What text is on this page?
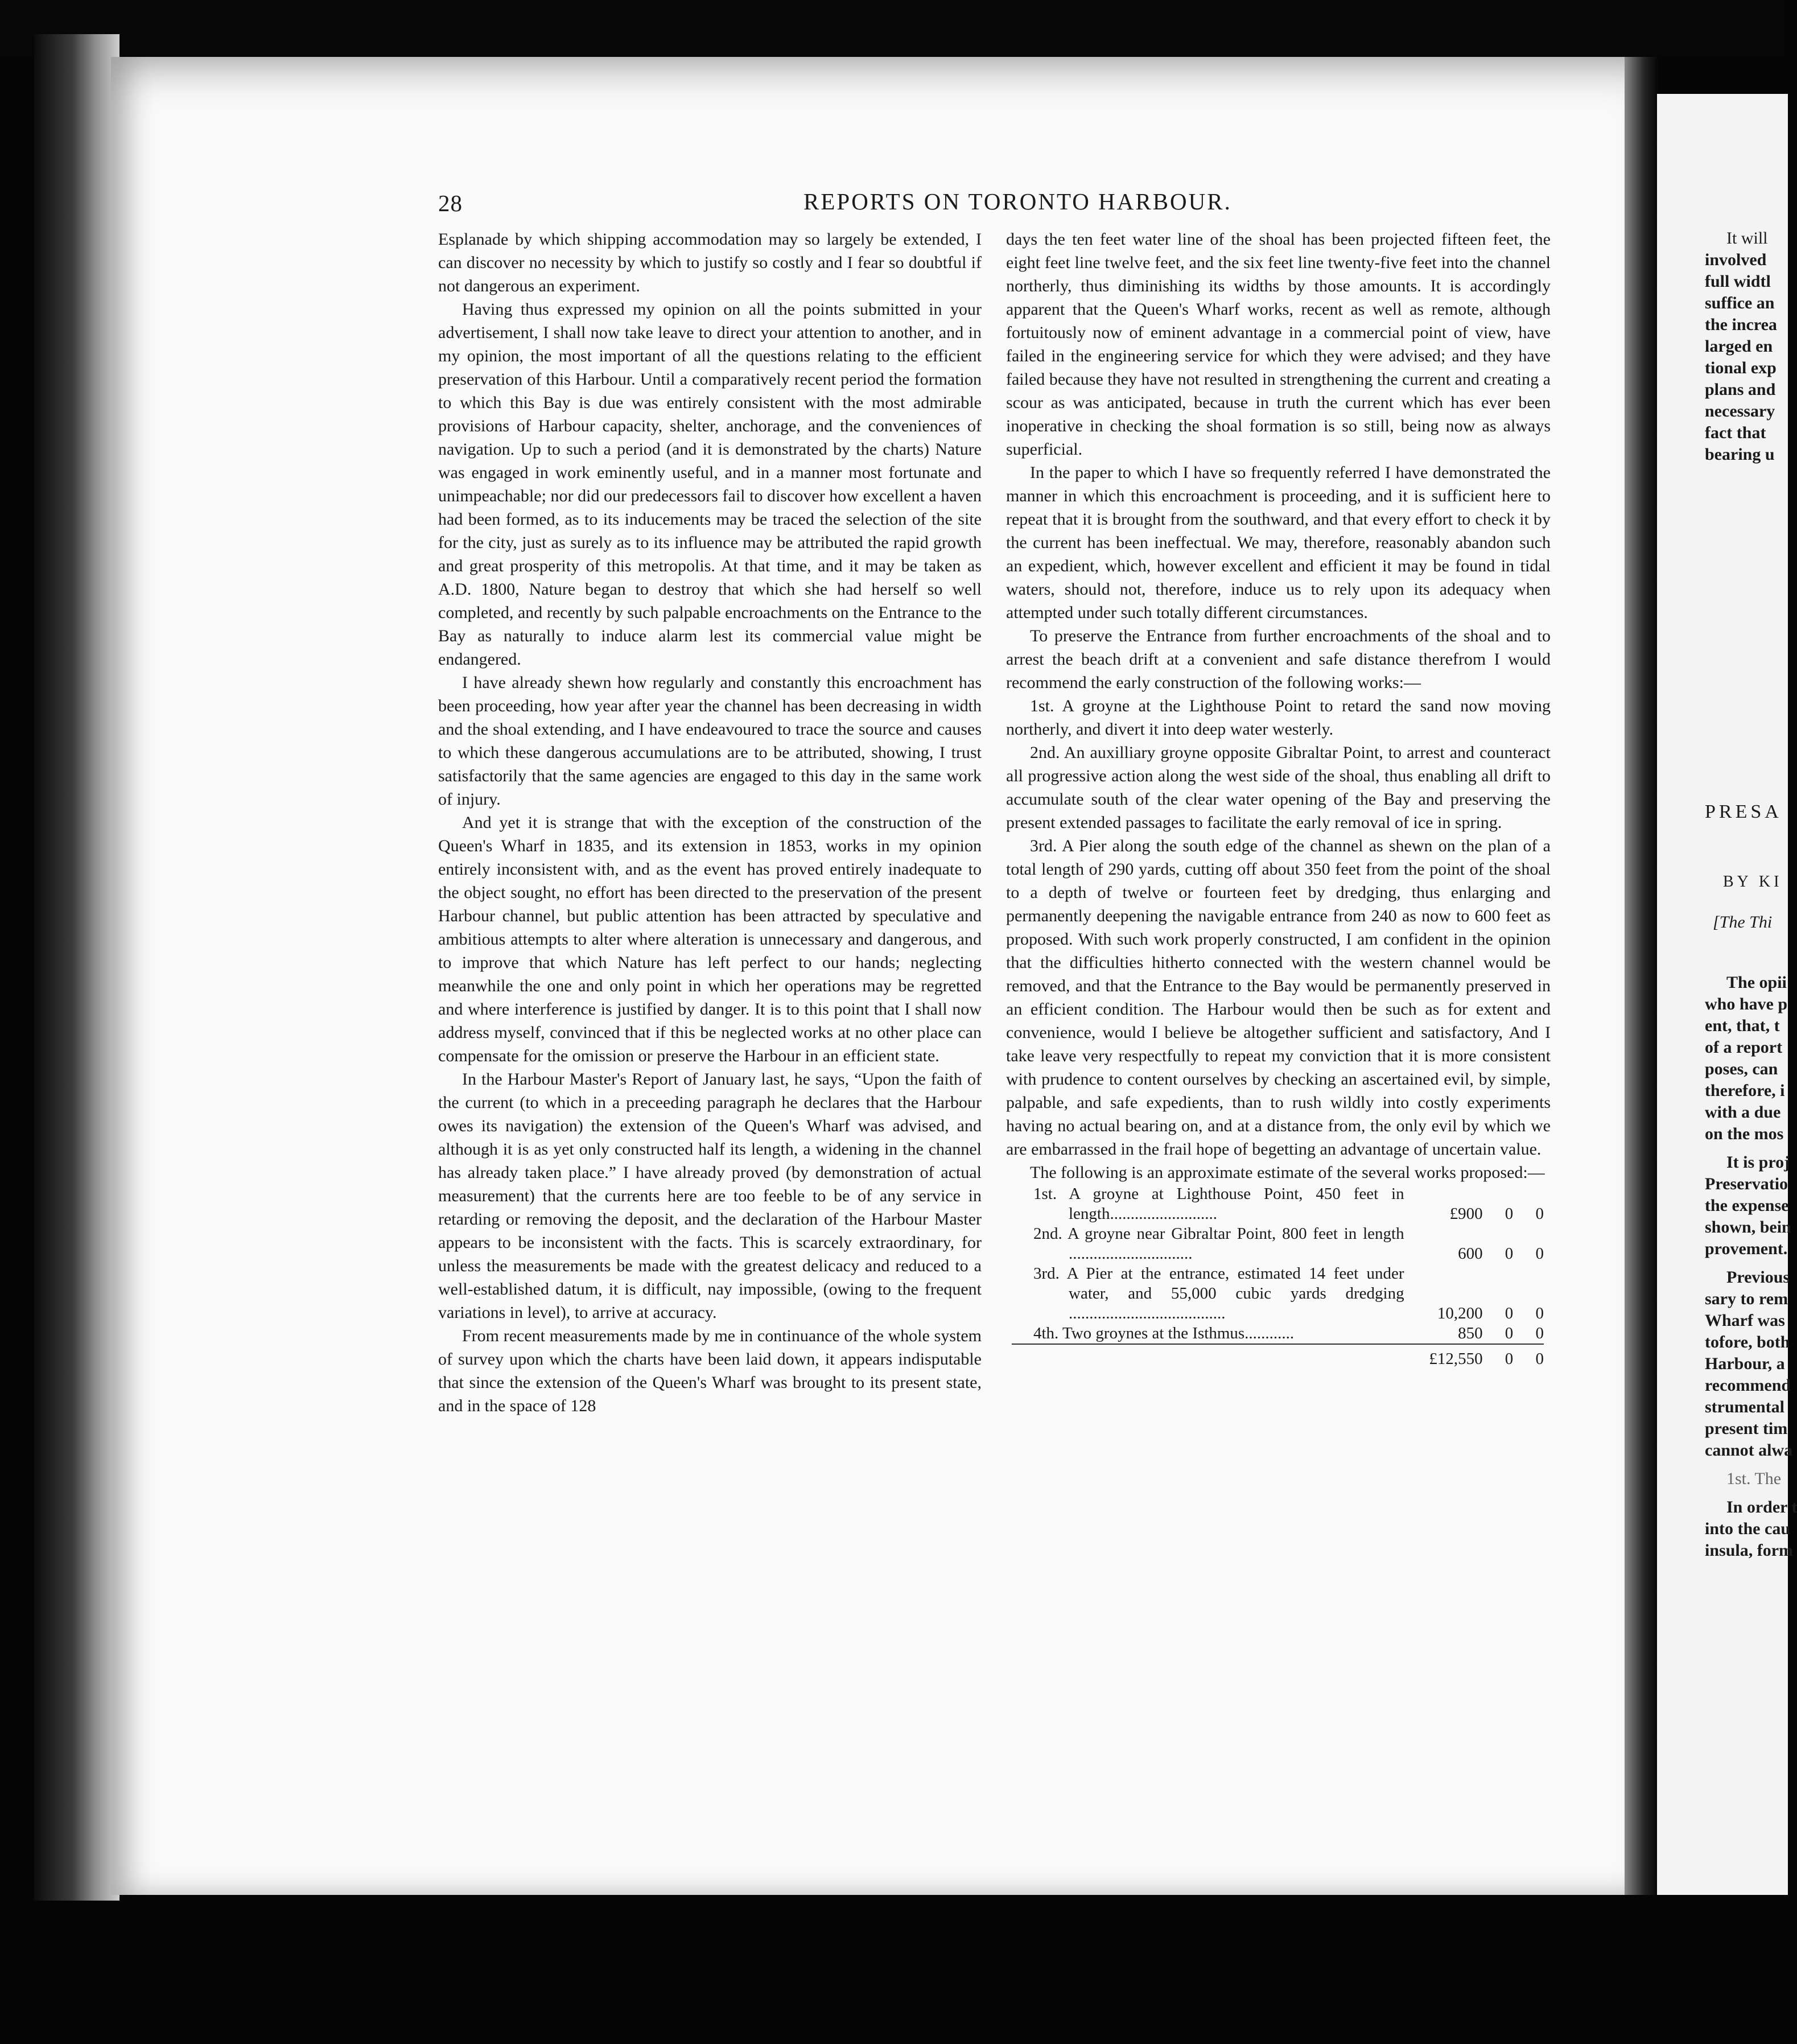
28	REPORTS ON TORONTO HARBOUR.

Esplanade by which shipping accommodation may so largely be extended, I can discover no necessity by which to justify so costly and I fear so doubtful if not dangerous an experiment.

Having thus expressed my opinion on all the points submitted in your advertisement, I shall now take leave to direct your attention to another, and in my opinion, the most important of all the questions relating to the efficient preservation of this Harbour. Until a comparatively recent period the formation to which this Bay is due was entirely consistent with the most admirable provisions of Harbour capacity, shelter, anchorage, and the conveniences of navigation. Up to such a period (and it is demonstrated by the charts) Nature was engaged in work eminently useful, and in a manner most fortunate and unimpeachable; nor did our predecessors fail to discover how excellent a haven had been formed, as to its inducements may be traced the selection of the site for the city, just as surely as to its influence may be attributed the rapid growth and great prosperity of this metropolis. At that time, and it may be taken as A.D. 1800, Nature began to destroy that which she had herself so well completed, and recently by such palpable encroachments on the Entrance to the Bay as naturally to induce alarm lest its commercial value might be endangered.

I have already shewn how regularly and constantly this encroachment has been proceeding, how year after year the channel has been decreasing in width and the shoal extending, and I have endeavoured to trace the source and causes to which these dangerous accumulations are to be attributed, showing, I trust satisfactorily that the same agencies are engaged to this day in the same work of injury.

And yet it is strange that with the exception of the construction of the Queen's Wharf in 1835, and its extension in 1853, works in my opinion entirely inconsistent with, and as the event has proved entirely inadequate to the object sought, no effort has been directed to the preservation of the present Harbour channel, but public attention has been attracted by speculative and ambitious attempts to alter where alteration is unnecessary and dangerous, and to improve that which Nature has left perfect to our hands; neglecting meanwhile the one and only point in which her operations may be regretted and where interference is justified by danger. It is to this point that I shall now address myself, convinced that if this be neglected works at no other place can compensate for the omission or preserve the Harbour in an efficient state.

In the Harbour Master's Report of January last, he says, “Upon the faith of the current (to which in a preceeding paragraph he declares that the Harbour owes its navigation) the extension of the Queen's Wharf was advised, and although it is as yet only constructed half its length, a widening in the channel has already taken place.” I have already proved (by demonstration of actual measurement) that the currents here are too feeble to be of any service in retarding or removing the deposit, and the declaration of the Harbour Master appears to be inconsistent with the facts. This is scarcely extraordinary, for unless the measurements be made with the greatest delicacy and reduced to a well-established datum, it is difficult, nay impossible, (owing to the frequent variations in level), to arrive at accuracy.

From recent measurements made by me in continuance of the whole system of survey upon which the charts have been laid down, it appears indisputable that since the extension of the Queen's Wharf was brought to its present state, and in the space of 128

days the ten feet water line of the shoal has been projected fifteen feet, the eight feet line twelve feet, and the six feet line twenty-five feet into the channel northerly, thus diminishing its widths by those amounts. It is accordingly apparent that the Queen's Wharf works, recent as well as remote, although fortuitously now of eminent advantage in a commercial point of view, have failed in the engineering service for which they were advised; and they have failed because they have not resulted in strengthening the current and creating a scour as was anticipated, because in truth the current which has ever been inoperative in checking the shoal formation is so still, being now as always superficial.

In the paper to which I have so frequently referred I have demonstrated the manner in which this encroachment is proceeding, and it is sufficient here to repeat that it is brought from the southward, and that every effort to check it by the current has been ineffectual. We may, therefore, reasonably abandon such an expedient, which, however excellent and efficient it may be found in tidal waters, should not, therefore, induce us to rely upon its adequacy when attempted under such totally different circumstances.

To preserve the Entrance from further encroachments of the shoal and to arrest the beach drift at a convenient and safe distance therefrom I would recommend the early construction of the following works:—

1st. A groyne at the Lighthouse Point to retard the sand now moving northerly, and divert it into deep water westerly.

2nd. An auxilliary groyne opposite Gibraltar Point, to arrest and counteract all progressive action along the west side of the shoal, thus enabling all drift to accumulate south of the clear water opening of the Bay and preserving the present extended passages to facilitate the early removal of ice in spring.

3rd. A Pier along the south edge of the channel as shewn on the plan of a total length of 290 yards, cutting off about 350 feet from the point of the shoal to a depth of twelve or fourteen feet by dredging, thus enlarging and permanently deepening the navigable entrance from 240 as now to 600 feet as proposed. With such work properly constructed, I am confident in the opinion that the difficulties hitherto connected with the western channel would be removed, and that the Entrance to the Bay would be permanently preserved in an efficient condition. The Harbour would then be such as for extent and convenience, would I believe be altogether sufficient and satisfactory, And I take leave very respectfully to repeat my conviction that it is more consistent with prudence to content ourselves by checking an ascertained evil, by simple, palpable, and safe expedients, than to rush wildly into costly experiments having no actual bearing on, and at a distance from, the only evil by which we are embarrassed in the frail hope of begetting an advantage of uncertain value.

The following is an approximate estimate of the several works proposed:—

1st. A groyne at Lighthouse Point, 450 feet in length..........................	£900	0	0
2nd. A groyne near Gibraltar Point, 800 feet in length ..............................	600	0	0
3rd. A Pier at the entrance, estimated 14 feet under water, and 55,000 cubic yards dredging ......................................	10,200	0	0
4th. Two groynes at the Isthmus............	850	0	0
	£12,550	0	0
It will
involved
full widtl
suffice an
the increa
larged en
tional exp
plans and
necessary
fact that
bearing u
PRESA
BY KI
[The Thi
The opii
who have p
ent, that, t
of a report
poses, can
therefore, i
with a due
on the mos
It is proj
Preservatio
the expense
shown, bein
provement.
Previous
sary to rem
Wharf was
tofore, both
Harbour, a
recommend
strumental
present tim
cannot alwa
1st. The
In order t
into the cau
insula, form
